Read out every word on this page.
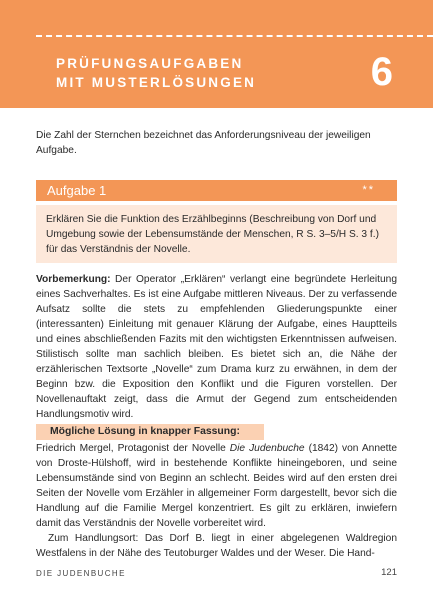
PRÜFUNGSAUFGABEN
MIT MUSTERLÖSUNGEN	6

Die Zahl der Sternchen bezeichnet das Anforderungsniveau der jeweiligen Aufgabe.

Aufgabe 1	**

Erklären Sie die Funktion des Erzählbeginns (Beschreibung von Dorf und Umgebung sowie der Lebensumstände der Menschen, R S. 3–5/H S. 3 f.) für das Verständnis der Novelle.

Vorbemerkung: Der Operator „Erklären“ verlangt eine begründete Herleitung eines Sachverhaltes. Es ist eine Aufgabe mittleren Niveaus. Der zu verfassende Aufsatz sollte die stets zu empfehlenden Gliederungspunkte einer (interessanten) Einleitung mit genauer Klärung der Aufgabe, eines Hauptteils und eines abschließenden Fazits mit den wichtigsten Erkenntnissen aufweisen. Stilistisch sollte man sachlich bleiben. Es bietet sich an, die Nähe der erzählerischen Textsorte „Novelle“ zum Drama kurz zu erwähnen, in dem der Beginn bzw. die Exposition den Konflikt und die Figuren vorstellen. Der Novellenauftakt zeigt, dass die Armut der Gegend zum entscheidenden Handlungsmotiv wird.

Mögliche Lösung in knapper Fassung:

Friedrich Mergel, Protagonist der Novelle Die Judenbuche (1842) von Annette von Droste-Hülshoff, wird in bestehende Konflikte hineingeboren, und seine Lebensumstände sind von Beginn an schlecht. Beides wird auf den ersten drei Seiten der Novelle vom Erzähler in allgemeiner Form dargestellt, bevor sich die Handlung auf die Familie Mergel konzentriert. Es gilt zu erklären, inwiefern damit das Verständnis der Novelle vorbereitet wird.

Zum Handlungsort: Das Dorf B. liegt in einer abgelegenen Waldregion Westfalens in der Nähe des Teutoburger Waldes und der Weser. Die Hand-

DIE JUDENBUCHE	121
